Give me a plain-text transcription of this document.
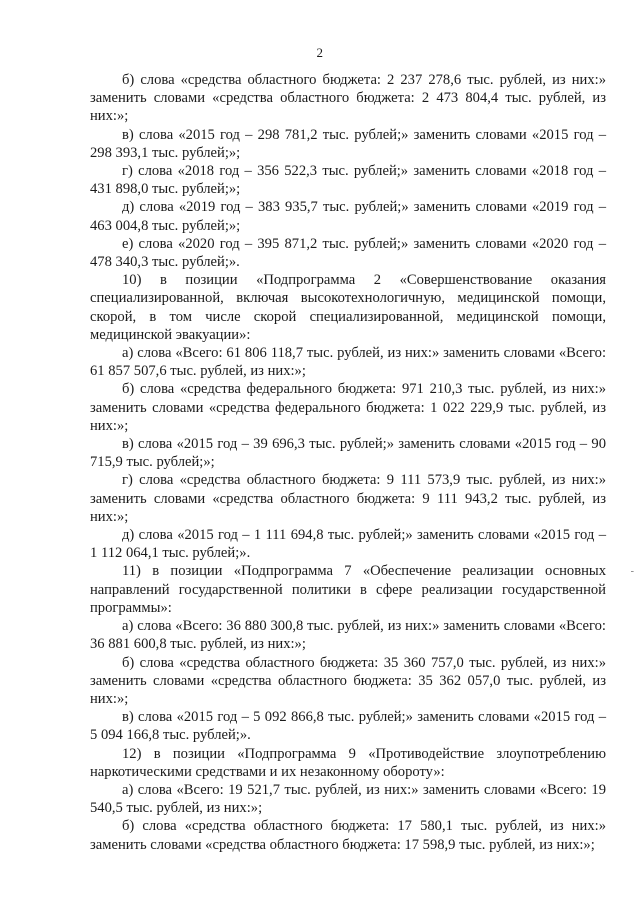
2

б) слова «средства областного бюджета: 2 237 278,6 тыс. рублей, из них:» заменить словами «средства областного бюджета: 2 473 804,4 тыс. рублей, из них:»;

в) слова «2015 год – 298 781,2 тыс. рублей;» заменить словами «2015 год – 298 393,1 тыс. рублей;»;

г) слова «2018 год – 356 522,3 тыс. рублей;» заменить словами «2018 год – 431 898,0 тыс. рублей;»;

д) слова «2019 год – 383 935,7 тыс. рублей;» заменить словами «2019 год – 463 004,8 тыс. рублей;»;

е) слова «2020 год – 395 871,2 тыс. рублей;» заменить словами «2020 год – 478 340,3 тыс. рублей;».

10) в позиции «Подпрограмма 2 «Совершенствование оказания специализированной, включая высокотехнологичную, медицинской помощи, скорой, в том числе скорой специализированной, медицинской помощи, медицинской эвакуации»:

а) слова «Всего: 61 806 118,7 тыс. рублей, из них:» заменить словами «Всего: 61 857 507,6 тыс. рублей, из них:»;

б) слова «средства федерального бюджета: 971 210,3 тыс. рублей, из них:» заменить словами «средства федерального бюджета: 1 022 229,9 тыс. рублей, из них:»;

в) слова «2015 год – 39 696,3 тыс. рублей;» заменить словами «2015 год – 90 715,9 тыс. рублей;»;

г) слова «средства областного бюджета: 9 111 573,9 тыс. рублей, из них:» заменить словами «средства областного бюджета: 9 111 943,2 тыс. рублей, из них:»;

д) слова «2015 год – 1 111 694,8 тыс. рублей;» заменить словами «2015 год – 1 112 064,1 тыс. рублей;».

11) в позиции «Подпрограмма 7 «Обеспечение реализации основных направлений государственной политики в сфере реализации государственной программы»:

а) слова «Всего: 36 880 300,8 тыс. рублей, из них:» заменить словами «Всего: 36 881 600,8 тыс. рублей, из них:»;

б) слова «средства областного бюджета: 35 360 757,0 тыс. рублей, из них:» заменить словами «средства областного бюджета: 35 362 057,0 тыс. рублей, из них:»;

в) слова «2015 год – 5 092 866,8 тыс. рублей;» заменить словами «2015 год – 5 094 166,8 тыс. рублей;».

12) в позиции «Подпрограмма 9 «Противодействие злоупотреблению наркотическими средствами и их незаконному обороту»:

а) слова «Всего: 19 521,7 тыс. рублей, из них:» заменить словами «Всего: 19 540,5 тыс. рублей, из них:»;

б) слова «средства областного бюджета: 17 580,1 тыс. рублей, из них:» заменить словами «средства областного бюджета: 17 598,9 тыс. рублей, из них:»;

-
